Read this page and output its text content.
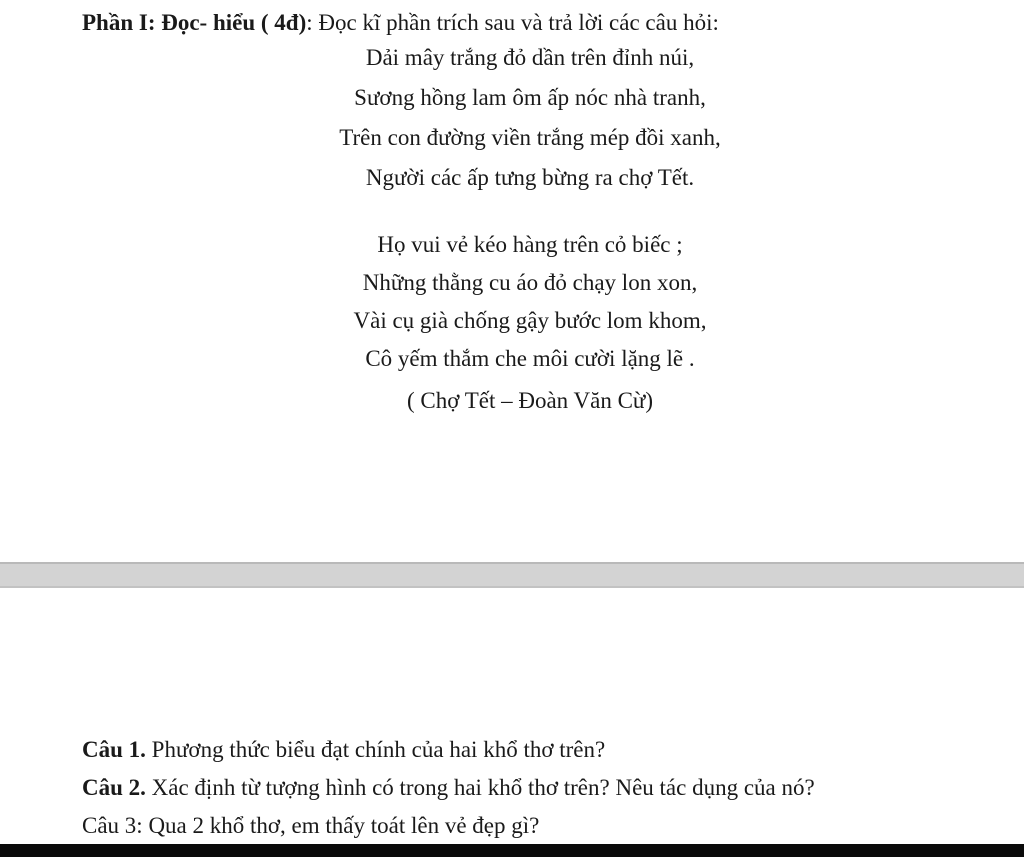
Phần I: Đọc- hiểu ( 4đ): Đọc kĩ phần trích sau và trả lời các câu hỏi:
Dải mây trắng đỏ dần trên đỉnh núi,
Sương hồng lam ôm ấp nóc nhà tranh,
Trên con đường viền trắng mép đồi xanh,
Người các ấp tưng bừng ra chợ Tết.
Họ vui vẻ kéo hàng trên cỏ biếc ;
Những thằng cu áo đỏ chạy lon xon,
Vài cụ già chống gậy bước lom khom,
Cô yếm thắm che môi cười lặng lẽ .
( Chợ Tết – Đoàn Văn Cừ)
Câu 1. Phương thức biểu đạt chính của hai khổ thơ trên?
Câu 2. Xác định từ tượng hình có trong hai khổ thơ trên? Nêu tác dụng của nó?
Câu 3: Qua 2 khổ thơ, em thấy toát lên vẻ đẹp gì?
